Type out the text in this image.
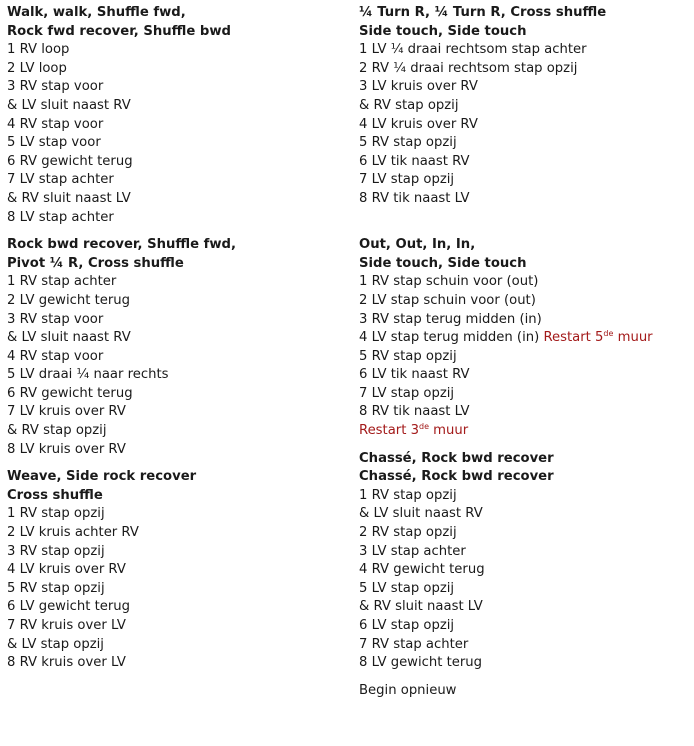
Walk, walk, Shuffle fwd,
Rock fwd recover, Shuffle bwd
1 RV loop
2 LV loop
3 RV stap voor
& LV sluit naast RV
4 RV stap voor
5 LV stap voor
6 RV gewicht terug
7 LV stap achter
& RV sluit naast LV
8 LV stap achter
Rock bwd recover, Shuffle fwd,
Pivot ¼ R, Cross shuffle
1 RV stap achter
2 LV gewicht terug
3 RV stap voor
& LV sluit naast RV
4 RV stap voor
5 LV draai ¼ naar rechts
6 RV gewicht terug
7 LV kruis over RV
& RV stap opzij
8 LV kruis over RV
Weave, Side rock recover
Cross shuffle
1 RV stap opzij
2 LV kruis achter RV
3 RV stap opzij
4 LV kruis over RV
5 RV stap opzij
6 LV gewicht terug
7 RV kruis over LV
& LV stap opzij
8 RV kruis over LV
¼ Turn R, ¼ Turn R, Cross shuffle
Side touch, Side touch
1 LV ¼ draai rechtsom stap achter
2 RV ¼ draai rechtsom stap opzij
3 LV kruis over RV
& RV stap opzij
4 LV kruis over RV
5 RV stap opzij
6 LV tik naast RV
7 LV stap opzij
8 RV tik naast LV
Out, Out, In, In,
Side touch, Side touch
1 RV stap schuin voor (out)
2 LV stap schuin voor (out)
3 RV stap terug midden (in)
4 LV stap terug midden (in) Restart 5de muur
5 RV stap opzij
6 LV tik naast RV
7 LV stap opzij
8 RV tik naast LV
Restart 3de muur
Chassé, Rock bwd recover
Chassé, Rock bwd recover
1 RV stap opzij
& LV sluit naast RV
2 RV stap opzij
3 LV stap achter
4 RV gewicht terug
5 LV stap opzij
& RV sluit naast LV
6 LV stap opzij
7 RV stap achter
8 LV gewicht terug
Begin opnieuw
